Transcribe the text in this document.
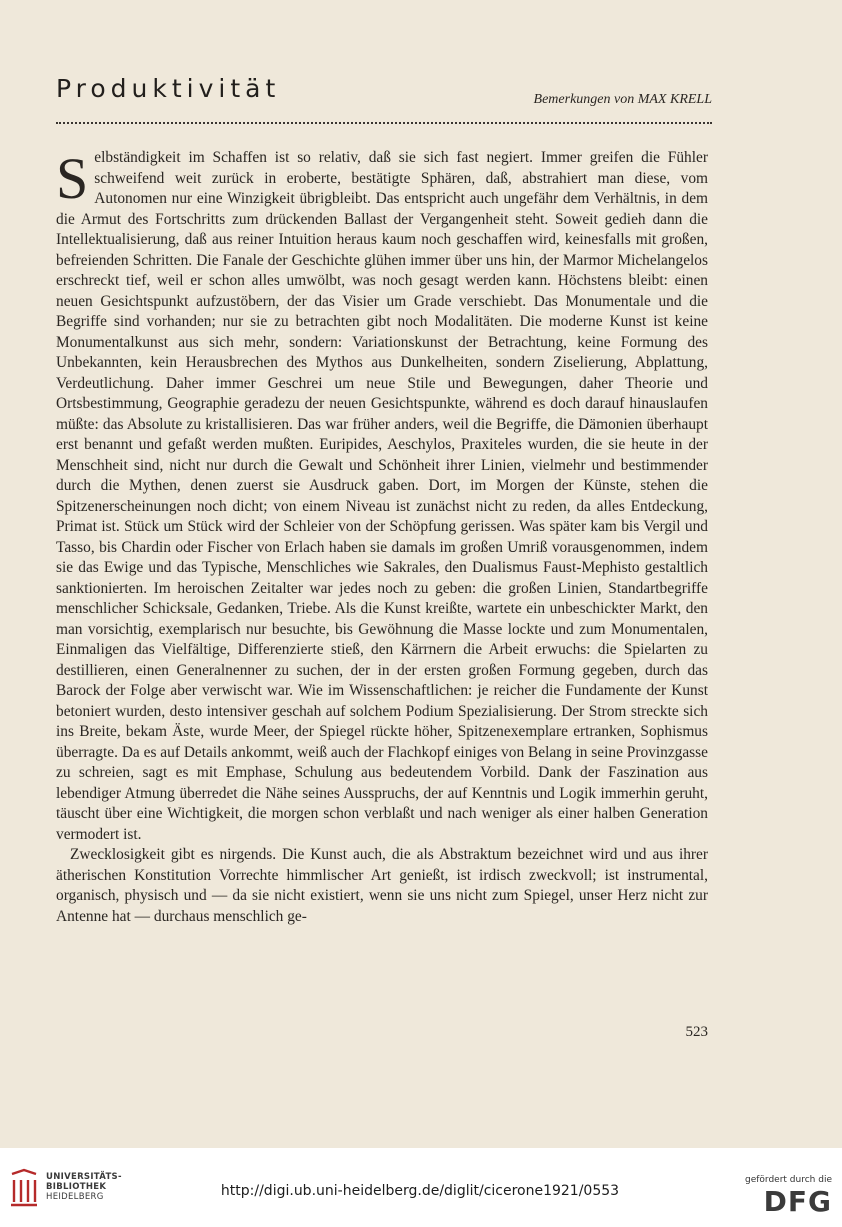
Produktivität	Bemerkungen von MAX KRELL

Selbständigkeit im Schaffen ist so relativ, daß sie sich fast negiert. Immer greifen die Fühler schweifend weit zurück in eroberte, bestätigte Sphären, daß, abstrahiert man diese, vom Autonomen nur eine Winzigkeit übrigbleibt. Das entspricht auch ungefähr dem Verhältnis, in dem die Armut des Fortschritts zum drückenden Ballast der Vergangenheit steht. Soweit gedieh dann die Intellektualisierung, daß aus reiner Intuition heraus kaum noch geschaffen wird, keinesfalls mit großen, befreienden Schritten. Die Fanale der Geschichte glühen immer über uns hin, der Marmor Michelangelos erschreckt tief, weil er schon alles umwölbt, was noch gesagt werden kann. Höchstens bleibt: einen neuen Gesichtspunkt aufzustöbern, der das Visier um Grade verschiebt. Das Monumentale und die Begriffe sind vorhanden; nur sie zu betrachten gibt noch Modalitäten. Die moderne Kunst ist keine Monumentalkunst aus sich mehr, sondern: Variationskunst der Betrachtung, keine Formung des Unbekannten, kein Herausbrechen des Mythos aus Dunkelheiten, sondern Ziselierung, Abplattung, Verdeutlichung. Daher immer Geschrei um neue Stile und Bewegungen, daher Theorie und Ortsbestimmung, Geographie geradezu der neuen Gesichtspunkte, während es doch darauf hinauslaufen müßte: das Absolute zu kristallisieren. Das war früher anders, weil die Begriffe, die Dämonien überhaupt erst benannt und gefaßt werden mußten. Euripides, Aeschylos, Praxiteles wurden, die sie heute in der Menschheit sind, nicht nur durch die Gewalt und Schönheit ihrer Linien, vielmehr und bestimmender durch die Mythen, denen zuerst sie Ausdruck gaben. Dort, im Morgen der Künste, stehen die Spitzenerscheinungen noch dicht; von einem Niveau ist zunächst nicht zu reden, da alles Entdeckung, Primat ist. Stück um Stück wird der Schleier von der Schöpfung gerissen. Was später kam bis Vergil und Tasso, bis Chardin oder Fischer von Erlach haben sie damals im großen Umriß vorausgenommen, indem sie das Ewige und das Typische, Menschliches wie Sakrales, den Dualismus Faust-Mephisto gestaltlich sanktionierten. Im heroischen Zeitalter war jedes noch zu geben: die großen Linien, Standartbegriffe menschlicher Schicksale, Gedanken, Triebe. Als die Kunst kreißte, wartete ein unbeschickter Markt, den man vorsichtig, exemplarisch nur besuchte, bis Gewöhnung die Masse lockte und zum Monumentalen, Einmaligen das Vielfältige, Differenzierte stieß, den Kärrnern die Arbeit erwuchs: die Spielarten zu destillieren, einen Generalnenner zu suchen, der in der ersten großen Formung gegeben, durch das Barock der Folge aber verwischt war. Wie im Wissenschaftlichen: je reicher die Fundamente der Kunst betoniert wurden, desto intensiver geschah auf solchem Podium Spezialisierung. Der Strom streckte sich ins Breite, bekam Äste, wurde Meer, der Spiegel rückte höher, Spitzenexemplare ertranken, Sophismus überragte. Da es auf Details ankommt, weiß auch der Flachkopf einiges von Belang in seine Provinzgasse zu schreien, sagt es mit Emphase, Schulung aus bedeutendem Vorbild. Dank der Faszination aus lebendiger Atmung überredet die Nähe seines Ausspruchs, der auf Kenntnis und Logik immerhin geruht, täuscht über eine Wichtigkeit, die morgen schon verblaßt und nach weniger als einer halben Generation vermodert ist.

Zwecklosigkeit gibt es nirgends. Die Kunst auch, die als Abstraktum bezeichnet wird und aus ihrer ätherischen Konstitution Vorrechte himmlischer Art genießt, ist irdisch zweckvoll; ist instrumental, organisch, physisch und — da sie nicht existiert, wenn sie uns nicht zum Spiegel, unser Herz nicht zur Antenne hat — durchaus menschlich ge-

523
UNIVERSITÄTS-
BIBLIOTHEK
HEIDELBERG	http://digi.ub.uni-heidelberg.de/diglit/cicerone1921/0553
gefördert durch die
DFG
